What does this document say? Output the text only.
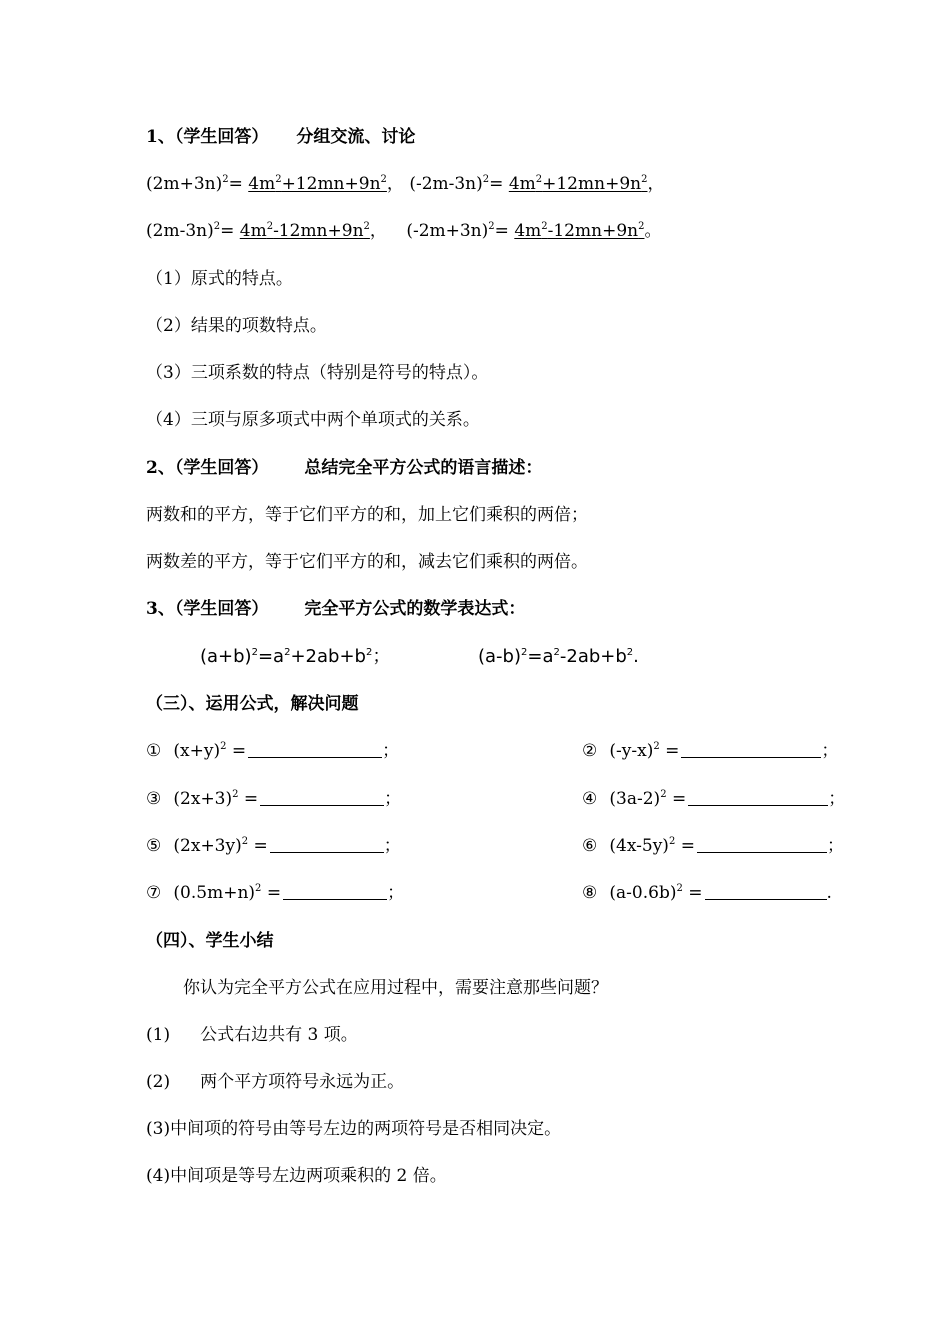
1、（学生回答） 分组交流、讨论
$(2m+3n)^2= 4m^2+12mn+9n^2$， $(-2m-3n)^2= 4m^2+12mn+9n^2$，
$(2m-3n)^2= 4m^2-12mn+9n^2$， $(-2m+3n)^2= 4m^2-12mn+9n^2$。
（1）原式的特点。
（2）结果的项数特点。
（3）三项系数的特点（特别是符号的特点）。
（4）三项与原多项式中两个单项式的关系。
2、（学生回答） 总结完全平方公式的语言描述：
两数和的平方，等于它们平方的和，加上它们乘积的两倍；
两数差的平方，等于它们平方的和，减去它们乘积的两倍。
3、（学生回答） 完全平方公式的数学表达式：
$(a+b)^2=a^2+2ab+b^2$；	$(a-b)^2=a^2-2ab+b^2$.
（三）、运用公式，解决问题
① $(x+y)^2$ =	；	② $(-y-x)^2$ =	；
③ $(2x+3)^2$ =	；	④ $(3a-2)^2$ =	；
⑤ $(2x+3y)^2$ =	；	⑥ $(4x-5y)^2$ =	；
⑦ $(0.5m+n)^2$ =	；	⑧ $(a-0.6b)^2$ =	.
（四）、学生小结
你认为完全平方公式在应用过程中，需要注意那些问题？
(1) 公式右边共有 3 项。
(2) 两个平方项符号永远为正。
(3)中间项的符号由等号左边的两项符号是否相同决定。
(4)中间项是等号左边两项乘积的 2 倍。
